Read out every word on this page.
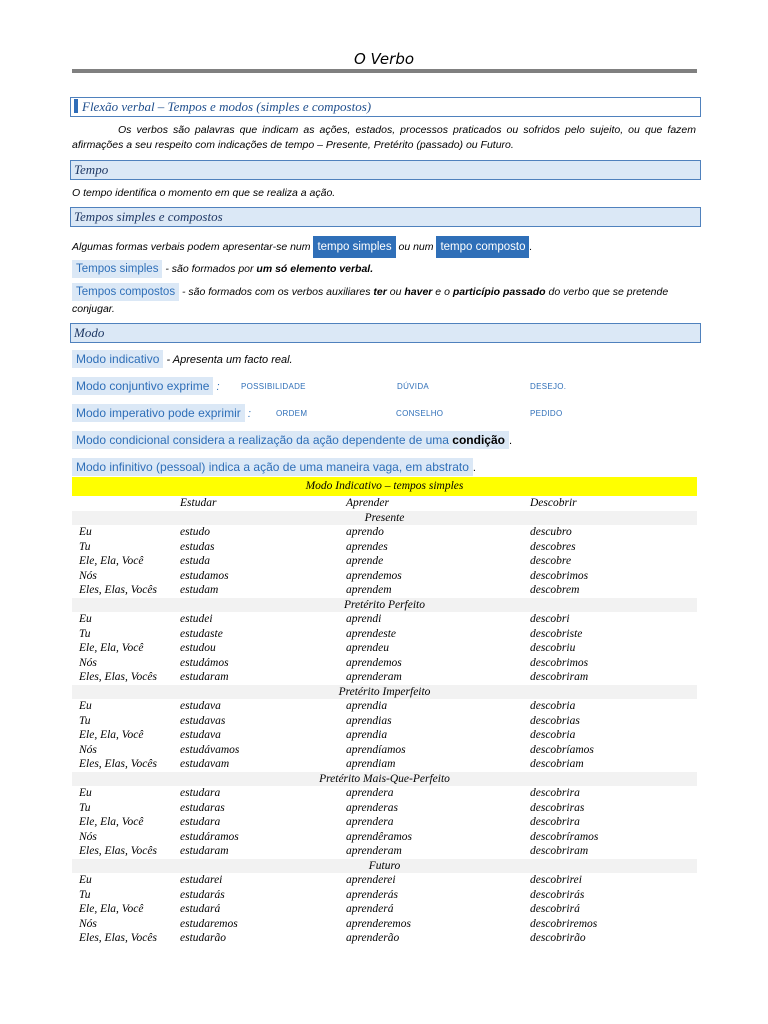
O Verbo
Flexão verbal – Tempos e modos (simples e compostos)
Os verbos são palavras que indicam as ações, estados, processos praticados ou sofridos pelo sujeito, ou que fazem afirmações a seu respeito com indicações de tempo – Presente, Pretérito (passado) ou Futuro.
Tempo
O tempo identifica o momento em que se realiza a ação.
Tempos simples e compostos
Algumas formas verbais podem apresentar-se num tempo simples ou num tempo composto .
Tempos simples - são formados por um só elemento verbal.
Tempos compostos - são formados com os verbos auxiliares ter ou haver e o particípio passado do verbo que se pretende conjugar.
Modo
Modo indicativo - Apresenta um facto real.
Modo conjuntivo exprime :	POSSIBILIDADE	DÚVIDA	DESEJO.
Modo imperativo pode exprimir :	ORDEM	CONSELHO	PEDIDO
Modo condicional considera a realização da ação dependente de uma condição .
Modo infinitivo (pessoal) indica a ação de uma maneira vaga, em abstrato .
Modo Indicativo – tempos simples
Estudar	Aprender	Descobrir
Presente
Eu	estudo	aprendo	descubro
Tu	estudas	aprendes	descobres
Ele, Ela, Você	estuda	aprende	descobre
Nós	estudamos	aprendemos	descobrimos
Eles, Elas, Vocês estudam	aprendem	descobrem
Pretérito Perfeito
Eu	estudei	aprendi	descobri
Tu	estudaste	aprendeste	descobriste
Ele, Ela, Você	estudou	aprendeu	descobriu
Nós	estudámos	aprendemos	descobrimos
Eles, Elas, Vocês estudaram	aprenderam	descobriram
Pretérito Imperfeito
Eu	estudava	aprendia	descobria
Tu	estudavas	aprendias	descobrias
Ele, Ela, Você	estudava	aprendia	descobria
Nós	estudávamos	aprendíamos	descobríamos
Eles, Elas, Vocês estudavam	aprendiam	descobriam
Pretérito Mais-Que-Perfeito
Eu	estudara	aprendera	descobrira
Tu	estudaras	aprenderas	descobriras
Ele, Ela, Você	estudara	aprendera	descobrira
Nós	estudáramos	aprendêramos	descobríramos
Eles, Elas, Vocês estudaram	aprenderam	descobriram
Futuro
Eu	estudarei	aprenderei	descobrirei
Tu	estudarás	aprenderás	descobrirás
Ele, Ela, Você	estudará	aprenderá	descobrirá
Nós	estudaremos	aprenderemos	descobriremos
Eles, Elas, Vocês estudarão	aprenderão	descobrirão
